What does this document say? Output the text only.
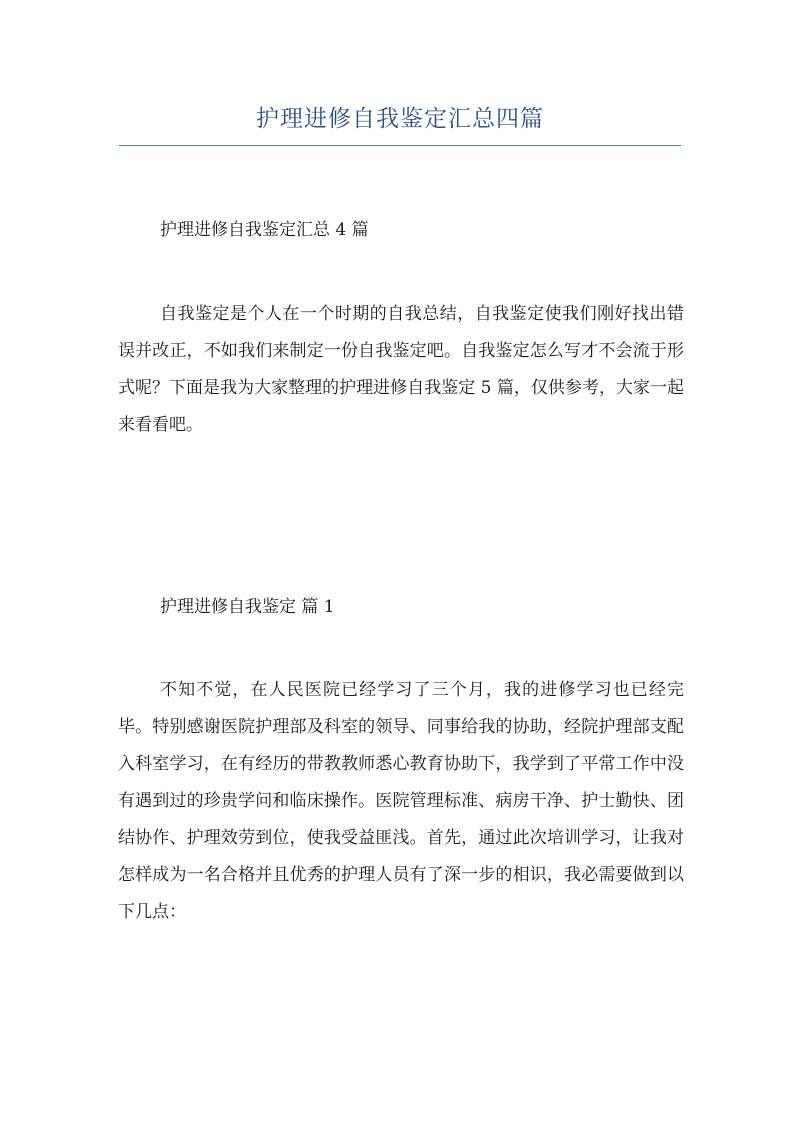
护理进修自我鉴定汇总四篇
护理进修自我鉴定汇总 4 篇

自我鉴定是个人在一个时期的自我总结，自我鉴定使我们刚好找出错误并改正，不如我们来制定一份自我鉴定吧。自我鉴定怎么写才不会流于形式呢？下面是我为大家整理的护理进修自我鉴定 5 篇，仅供参考，大家一起来看看吧。

护理进修自我鉴定 篇 1

不知不觉，在人民医院已经学习了三个月，我的进修学习也已经完毕。特别感谢医院护理部及科室的领导、同事给我的协助，经院护理部支配入科室学习，在有经历的带教教师悉心教育协助下，我学到了平常工作中没有遇到过的珍贵学问和临床操作。医院管理标准、病房干净、护士勤快、团结协作、护理效劳到位，使我受益匪浅。首先，通过此次培训学习，让我对怎样成为一名合格并且优秀的护理人员有了深一步的相识，我必需要做到以下几点：
